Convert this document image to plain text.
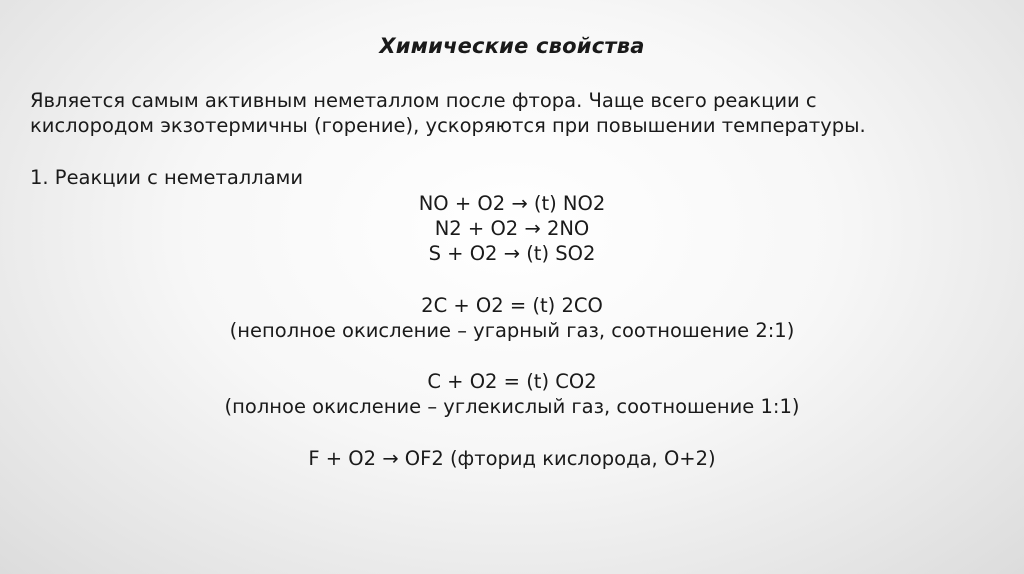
Химические свойства
Является самым активным неметаллом после фтора. Чаще всего реакции с
кислородом экзотермичны (горение), ускоряются при повышении температуры.
1. Реакции с неметаллами
NO + O2 → (t) NO2
N2 + O2 → 2NO
S + O2 → (t) SO2
2C + O2 = (t) 2CO
(неполное окисление – угарный газ, соотношение 2:1)
C + O2 = (t) CO2
(полное окисление – углекислый газ, соотношение 1:1)
F + O2 → OF2 (фторид кислорода, O+2)
